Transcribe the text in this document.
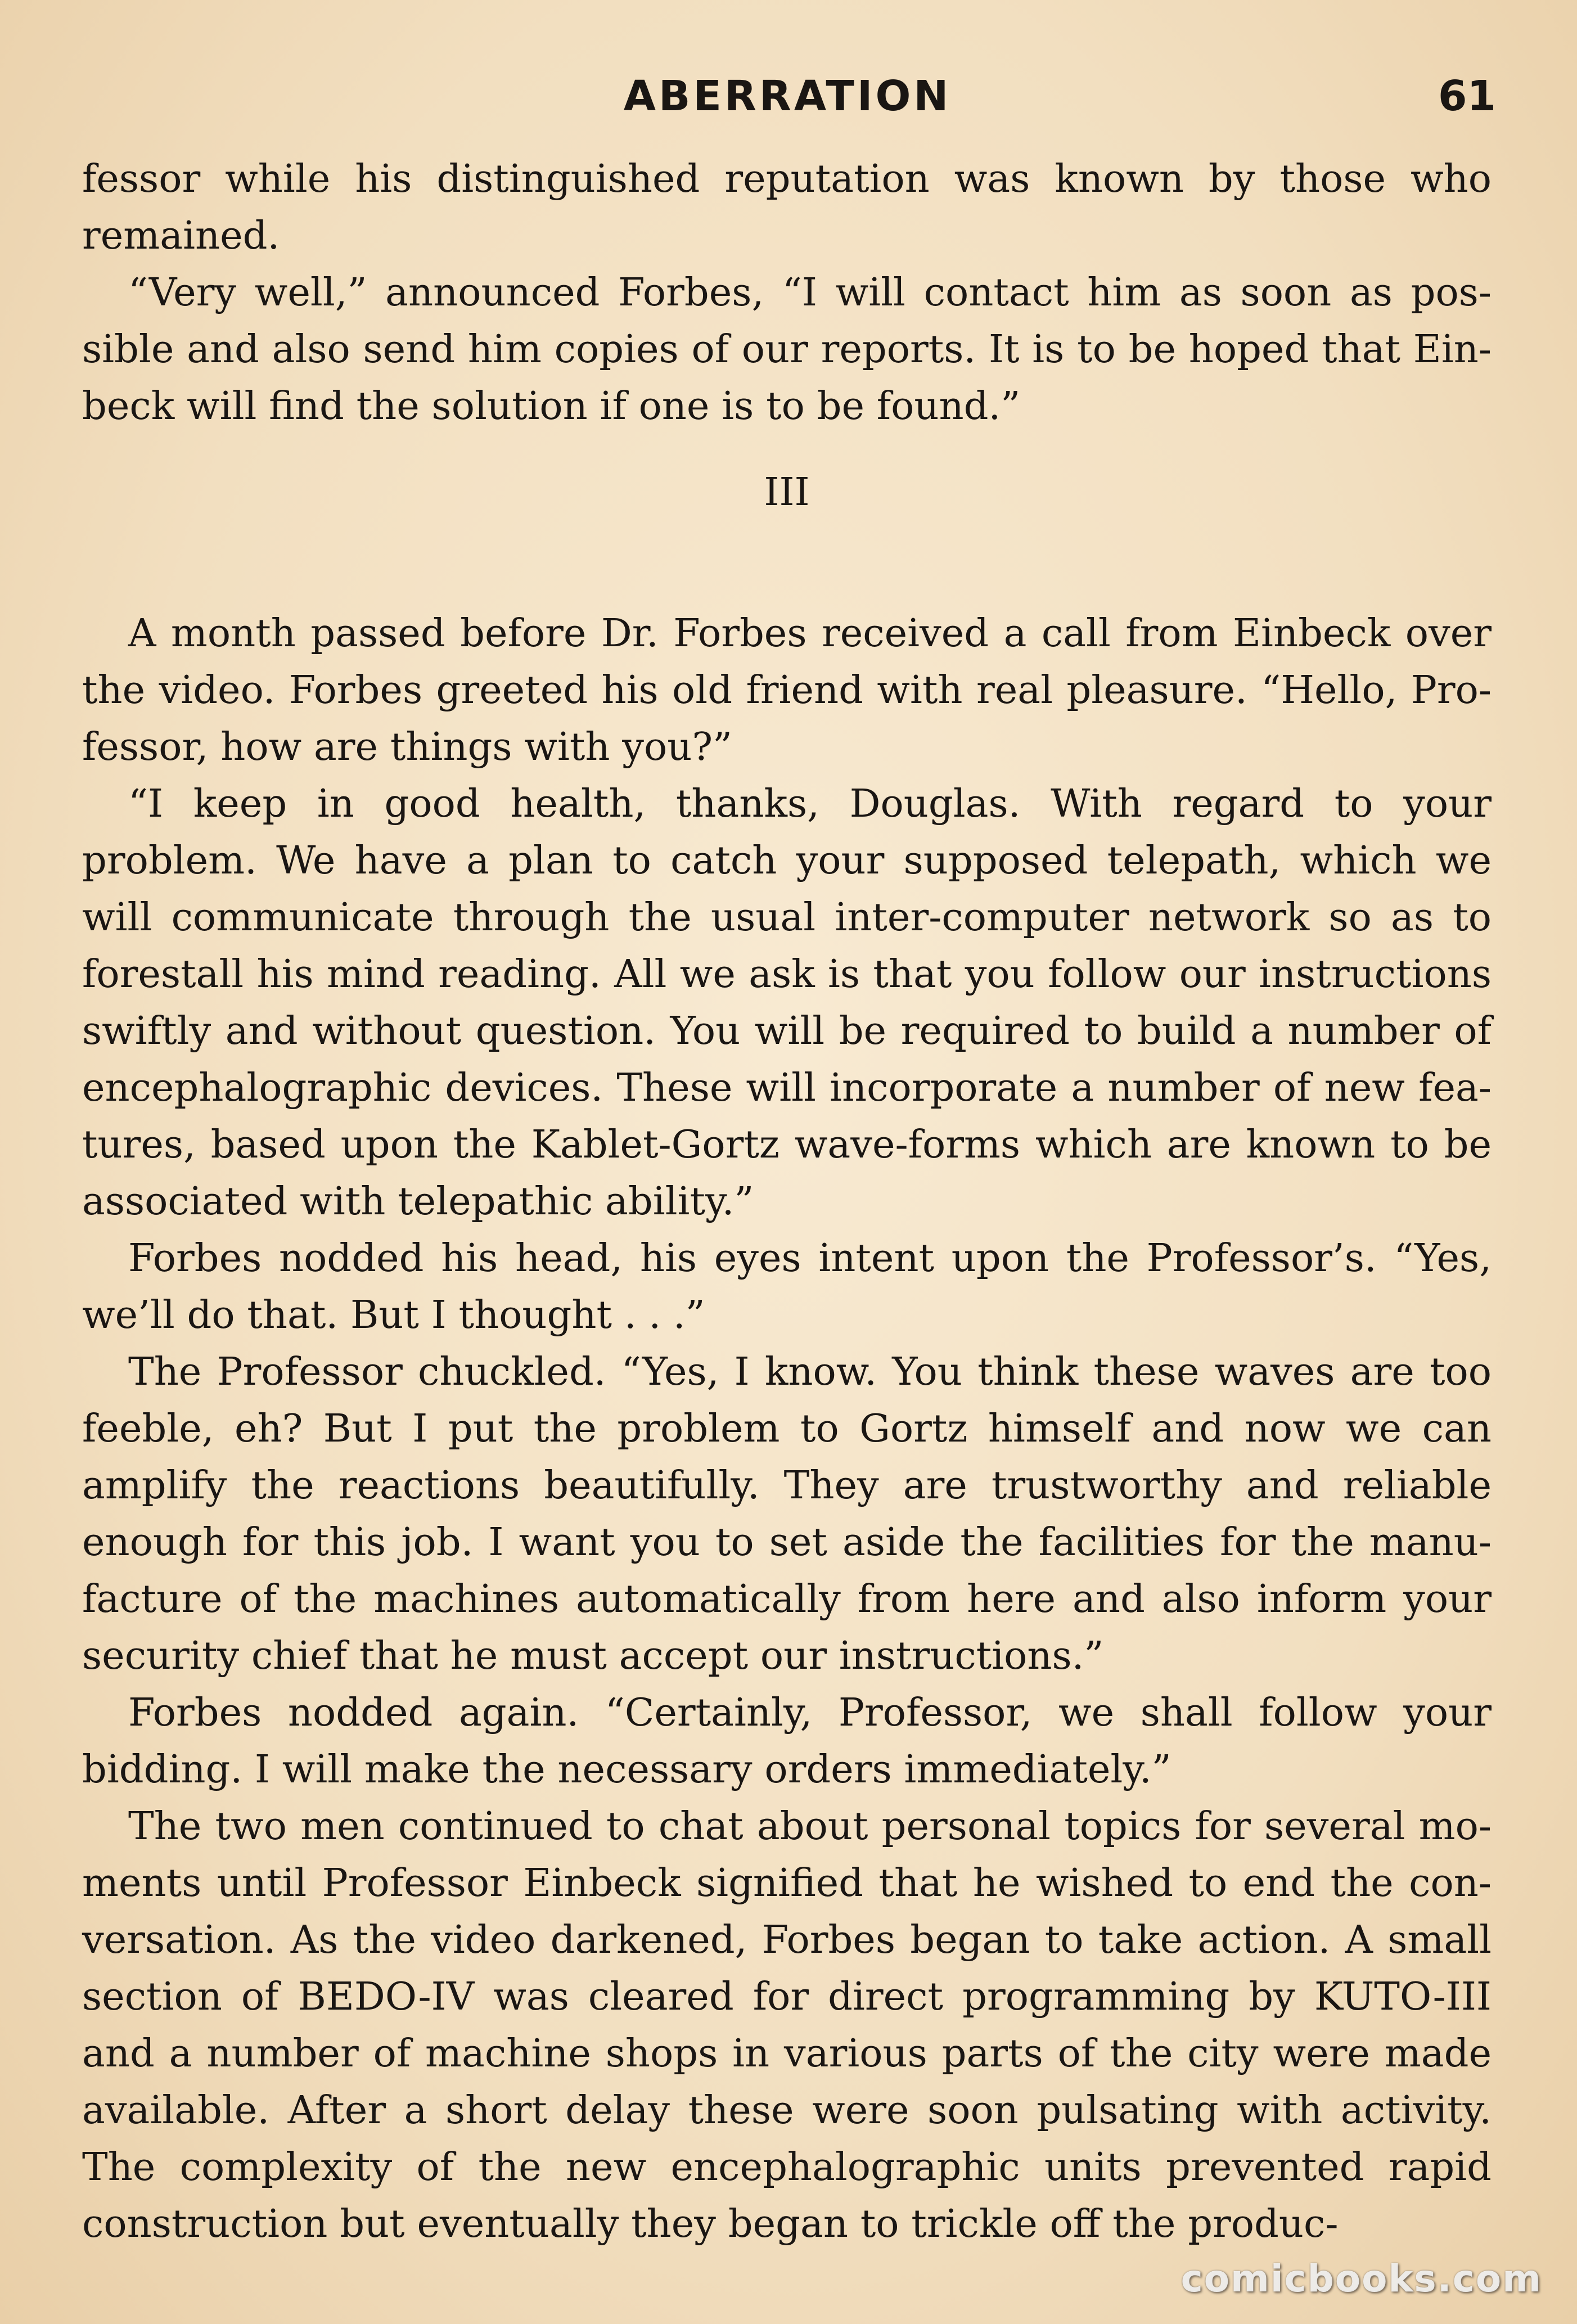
ABERRATION	61

fessor while his distinguished reputation was known by those who remained.

“Very well,” announced Forbes, “I will contact him as soon as possible and also send him copies of our reports. It is to be hoped that Einbeck will find the solution if one is to be found.”

III

A month passed before Dr. Forbes received a call from Einbeck over the video. Forbes greeted his old friend with real pleasure. “Hello, Professor, how are things with you?”

“I keep in good health, thanks, Douglas. With regard to your problem. We have a plan to catch your supposed telepath, which we will communicate through the usual inter-computer network so as to forestall his mind reading. All we ask is that you follow our instructions swiftly and without question. You will be required to build a number of encephalographic devices. These will incorporate a number of new features, based upon the Kablet-Gortz wave-forms which are known to be associated with telepathic ability.”

Forbes nodded his head, his eyes intent upon the Professor’s. “Yes, we’ll do that. But I thought . . .”

The Professor chuckled. “Yes, I know. You think these waves are too feeble, eh? But I put the problem to Gortz himself and now we can amplify the reactions beautifully. They are trustworthy and reliable enough for this job. I want you to set aside the facilities for the manufacture of the machines automatically from here and also inform your security chief that he must accept our instructions.”

Forbes nodded again. “Certainly, Professor, we shall follow your bidding. I will make the necessary orders immediately.”

The two men continued to chat about personal topics for several moments until Professor Einbeck signified that he wished to end the conversation. As the video darkened, Forbes began to take action. A small section of BEDO-IV was cleared for direct programming by KUTO-III and a number of machine shops in various parts of the city were made available. After a short delay these were soon pulsating with activity. The complexity of the new encephalographic units prevented rapid construction but eventually they began to trickle off the produc-

comicbooks.com
